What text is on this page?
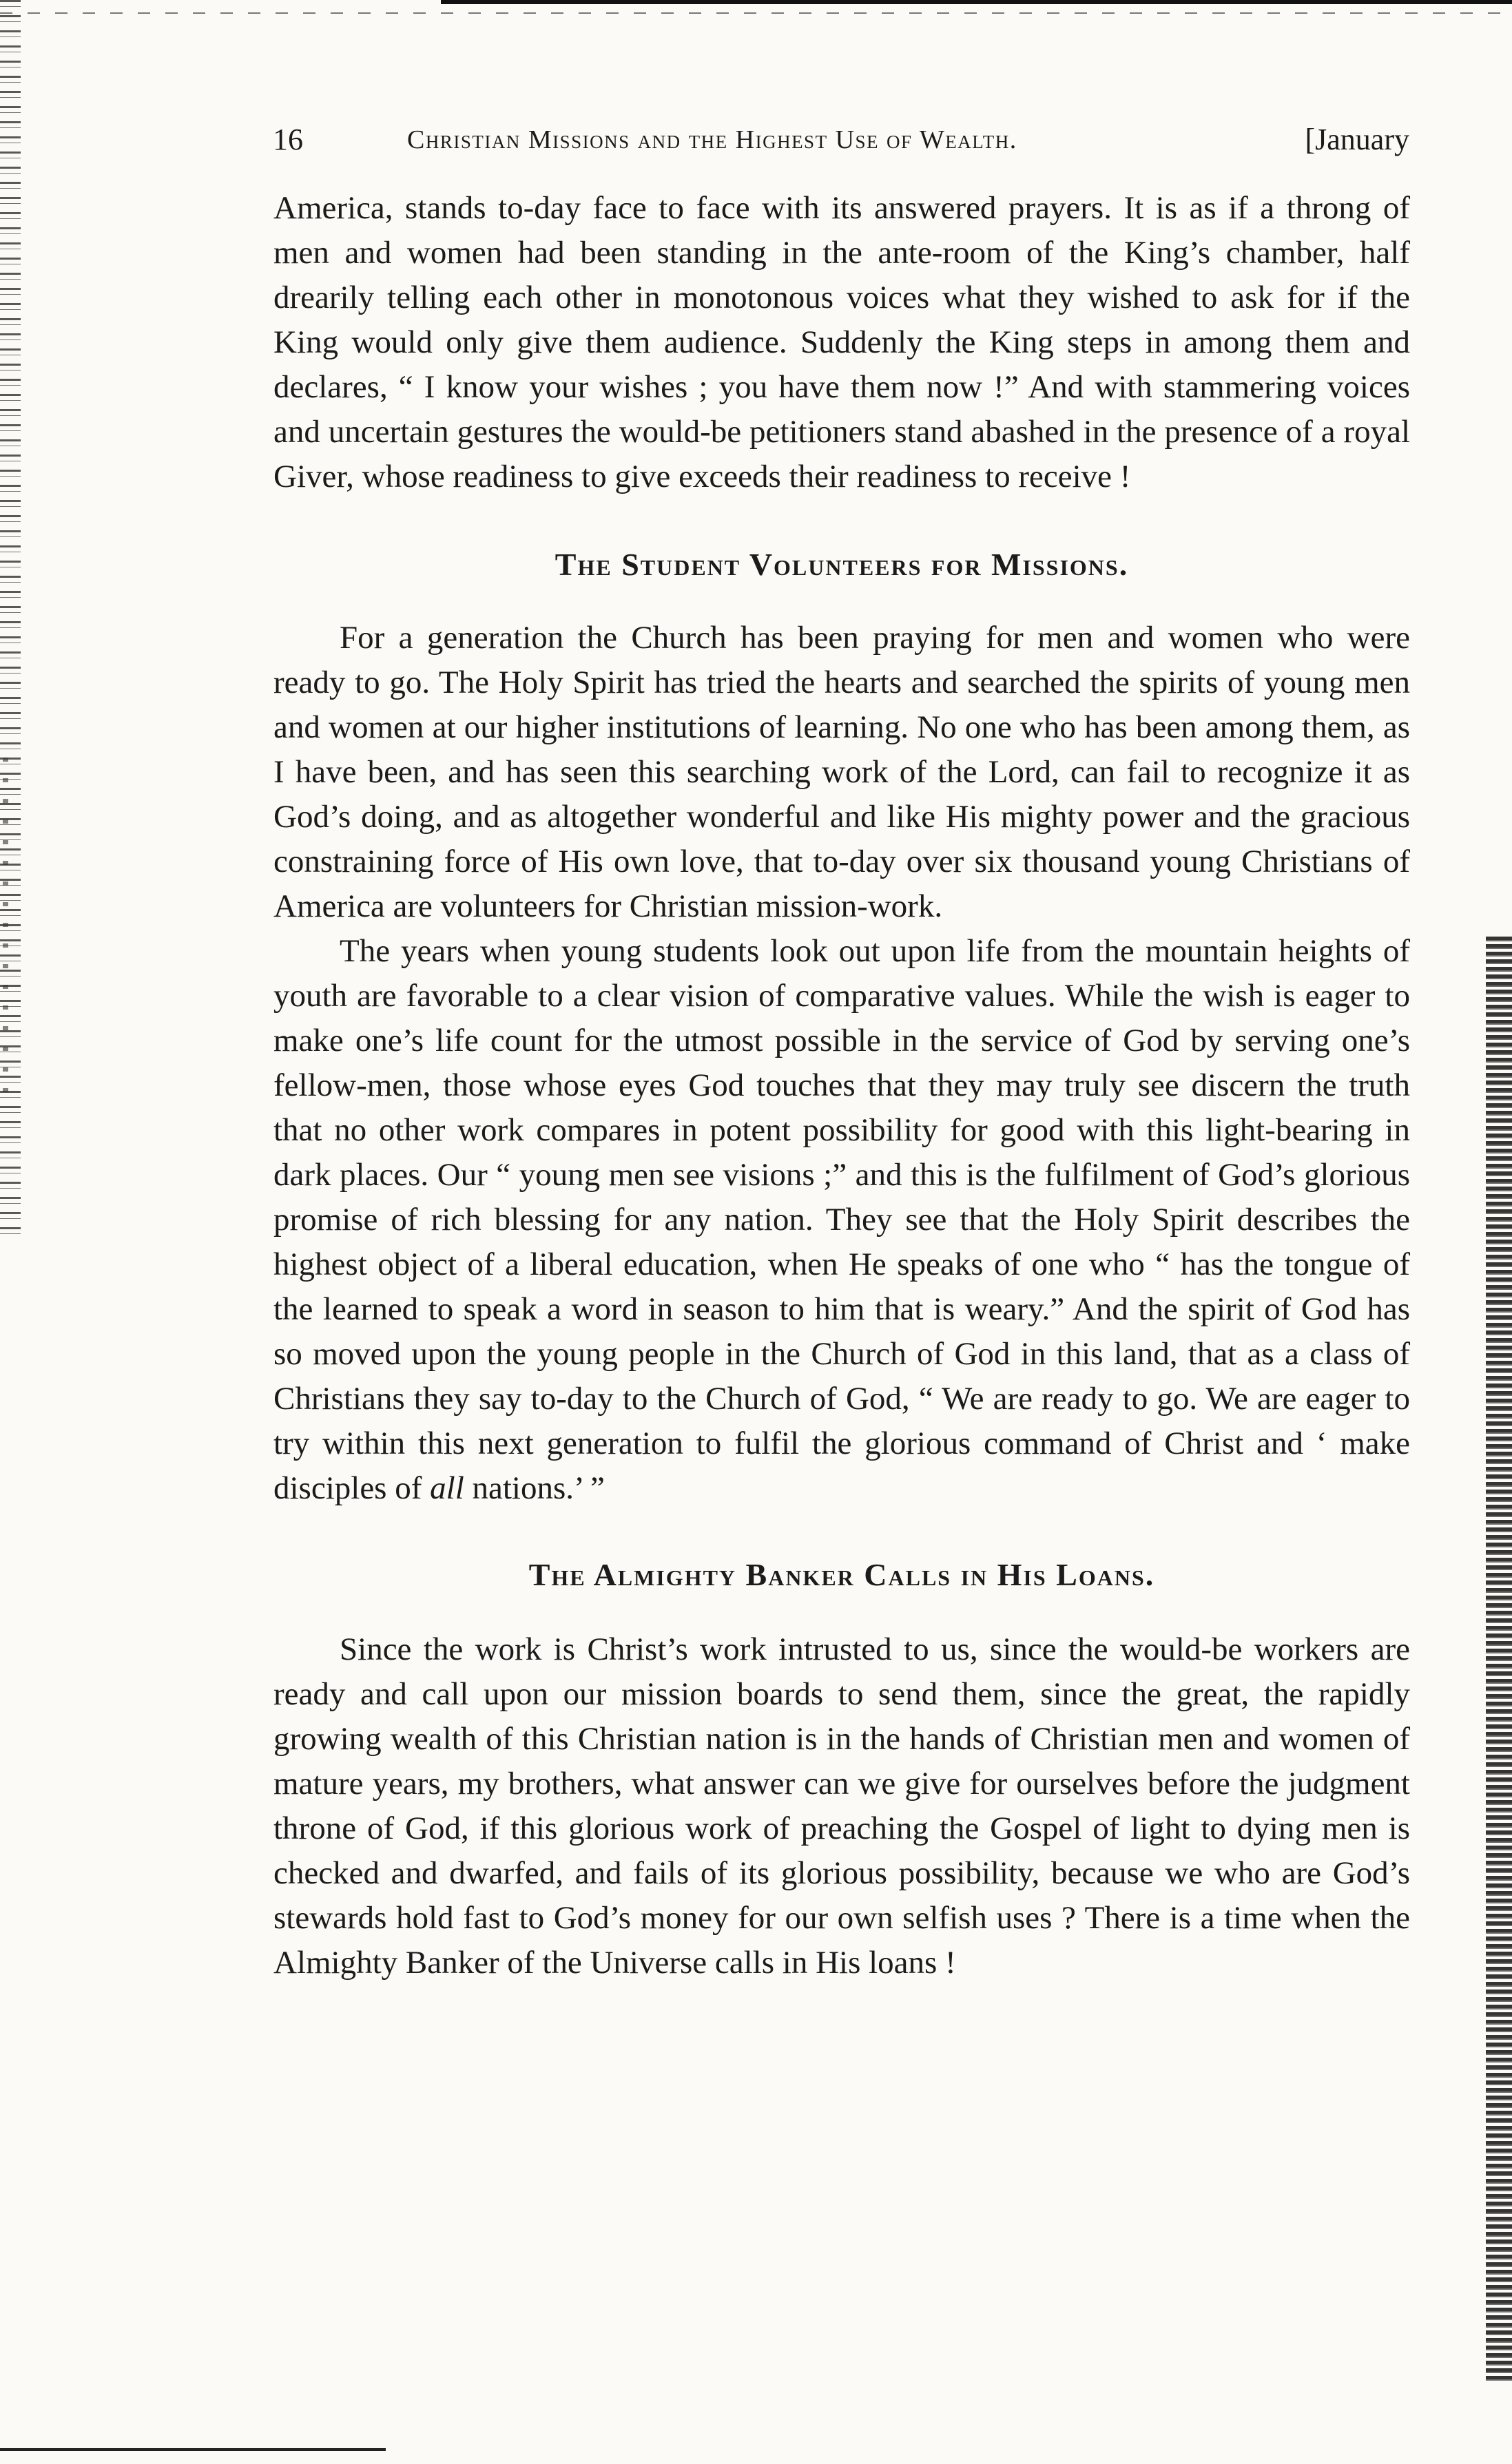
16	Christian Missions and the Highest Use of Wealth.	[January

America, stands to-day face to face with its answered prayers. It is as if a throng of men and women had been standing in the ante-room of the King’s chamber, half drearily telling each other in monotonous voices what they wished to ask for if the King would only give them audience. Suddenly the King steps in among them and declares, “ I know your wishes ; you have them now !” And with stammering voices and uncertain gestures the would-be petitioners stand abashed in the presence of a royal Giver, whose readiness to give exceeds their readiness to receive !

The Student Volunteers for Missions.

For a generation the Church has been praying for men and women who were ready to go. The Holy Spirit has tried the hearts and searched the spirits of young men and women at our higher institutions of learning. No one who has been among them, as I have been, and has seen this searching work of the Lord, can fail to recognize it as God’s doing, and as altogether wonderful and like His mighty power and the gracious constraining force of His own love, that to-day over six thousand young Christians of America are volunteers for Christian mission-work.

The years when young students look out upon life from the mountain heights of youth are favorable to a clear vision of comparative values. While the wish is eager to make one’s life count for the utmost possible in the service of God by serving one’s fellow-men, those whose eyes God touches that they may truly see discern the truth that no other work compares in potent possibility for good with this light-bearing in dark places. Our “ young men see visions ;” and this is the fulfilment of God’s glorious promise of rich blessing for any nation. They see that the Holy Spirit describes the highest object of a liberal education, when He speaks of one who “ has the tongue of the learned to speak a word in season to him that is weary.” And the spirit of God has so moved upon the young people in the Church of God in this land, that as a class of Christians they say to-day to the Church of God, “ We are ready to go. We are eager to try within this next generation to fulfil the glorious command of Christ and ‘ make disciples of all nations.’ ”

The Almighty Banker Calls in His Loans.

Since the work is Christ’s work intrusted to us, since the would-be workers are ready and call upon our mission boards to send them, since the great, the rapidly growing wealth of this Christian nation is in the hands of Christian men and women of mature years, my brothers, what answer can we give for ourselves before the judgment throne of God, if this glorious work of preaching the Gospel of light to dying men is checked and dwarfed, and fails of its glorious possibility, because we who are God’s stewards hold fast to God’s money for our own selfish uses ? There is a time when the Almighty Banker of the Universe calls in His loans !
